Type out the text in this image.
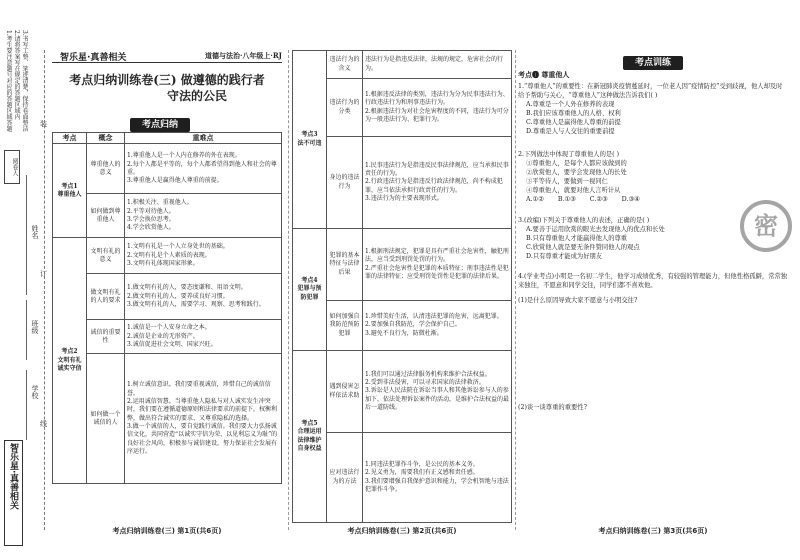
1.考生要注意题号对应的答题区域答题 2.请将答案写在规定的答题区域内 3.书写工整、笔迹清楚，保持卷面整洁
阅卷人
姓名
班级
学校
装
订
线
智乐星·真善相关
智乐星·真善相关	道德与法治·八年级上·RJ
考点归纳训练卷(三) 做遵德的践行者
守法的公民
考点归纳
考点	概念	重难点
考点1
尊重他人	尊重他人的意义	1.尊重他人是一个人内在修养的外在表现。
2.每个人都是平等的，每个人都希望得到他人和社会的尊重。
3.尊重他人是赢得他人尊重的前提。
	如何做到尊重他人	1.积极关注、重视他人。
2.平等对待他人。
3.学会换位思考。
4.学会欣赏他人。
考点2
文明有礼诚实守信	文明有礼的意义	1.文明有礼是一个人立身处世的基础。
2.文明有礼是个人素质的表现。
3.文明有礼体现国家形象。
	做文明有礼的人的要求	1.做文明有礼的人，要态度谦和、用语文明。
2.做文明有礼的人，要养成良好习惯。
3.做文明有礼的人，需要学习、观察、思考和践行。
	诚信的重要性	1.诚信是一个人安身立命之本。
2.诚信是企业的无形资产。
3.诚信促进社会文明、国家兴旺。
	如何做一个诚信的人	1.树立诚信意识。我们要重视诚信，珍惜自己的诚信信誉。
2.运用诚信智慧。当尊重他人隐私与对人诚实发生冲突时，我们要在遵循道德原则和法律要求的前提下，权衡利弊，做出符合诚实的要求、又尊重隐私的选择。
3.做一个诚信的人，要自觉践行诚信。我们要大力弘扬诚信文化，共同营造“以诚实守信为荣、以见利忘义为耻”的良好社会风尚，积极参与诚信建设，努力保证社会发展有序运行。
考点归纳训练卷(三) 第1页(共6页)
考点3
法不可违	违法行为的含义	违法行为是指违反法律，法规的规定，危害社会的行为。
	违法行为的分类	1.根据违反法律的类别，违法行为分为民事违法行为、行政违法行为和刑事违法行为。
2.根据违法行为对社会危害程度的不同，违法行为可分为一般违法行为、犯罪行为。
	身边的违法行为	1.民事违法行为是指违反民事法律规范，应当承担民事责任的行为。
2.行政违法行为是指违反行政法律规范，尚不构成犯罪，应当依法承担行政责任的行为。
3.违法行为的主要表现形式。
考点4
犯罪与预防犯罪	犯罪的基本特征与法律后果	1.根据刑法规定，犯罪是具有严重社会危害性，触犯刑法，应当受到刑罚处罚的行为。
2.严重社会危害性是犯罪的本质特征；刑事违法性是犯罪的法律特征；应受刑罚处罚性是犯罪的法律后果。
	如何加强自我防范预防犯罪	1.珍惜美好生活，认清违法犯罪的危害，远离犯罪。
2.要加强自我防范，学会保护自己。
3.避免不良行为，防微杜渐。
考点5
合理运用法律维护自身权益	遇到侵害怎样依法求助	1.我们可以通过法律服务机构来维护合法权益。
2.受到非法侵害，可以寻求国家的法律救济。
3.诉讼是人民法院在诉讼当事人和其他诉讼参与人的参加下，依法处理诉讼案件的活动，是维护合法权益的最后一道防线。
	应对违法行为的方法	1.同违法犯罪作斗争，是公民的基本义务。
2.见义勇为，需要我们有正义感和责任感。
3.我们要增强自我保护意识和能力，学会机智地与违法犯罪作斗争。
考点归纳训练卷(三) 第2页(共6页)
考点训练
考点❶ 尊重他人
1.“尊重他人”的重要性：在新冠肺炎疫情蔓延时，一位老人因“疫情防控”受到歧视，他人却及时给予帮助与关心，“尊重他人”这种做法告诉我们( )
A.尊重是一个人外在修养的表现
B.我们应该尊重他人的人格、权利
C.尊重他人是赢得他人尊重的前提
D.尊重是人与人交往的重要前提
2.下列做法中体现了尊重他人的是( )
①尊重他人，是每个人都应该做到的
②欣赏他人，要学会发现他人的长处
③平等待人，要做到一视同仁
④尊重他人，就要对他人言听计从
A.①② B.①③ C.②③ D.③④
密
3.(改编)下列关于尊重他人的表述，正确的是( )
A.要善于运用欣赏的眼光去发现他人的优点和长处
B.只有尊重他人才能赢得他人的尊重
C.欣赏他人就是要无条件赞同他人的观点
D.只有尊重才能成为好朋友
4.(学业考点)小明是一名初二学生，他学习成绩优秀，有较强的管理能力，但他性格孤僻，常常独来独往，不愿意和同学交往，同学们都不喜欢他。
(1)是什么原因导致大家不愿意与小明交往?
(2)谈一谈尊重的重要性?
考点归纳训练卷(三) 第3页(共6页)
